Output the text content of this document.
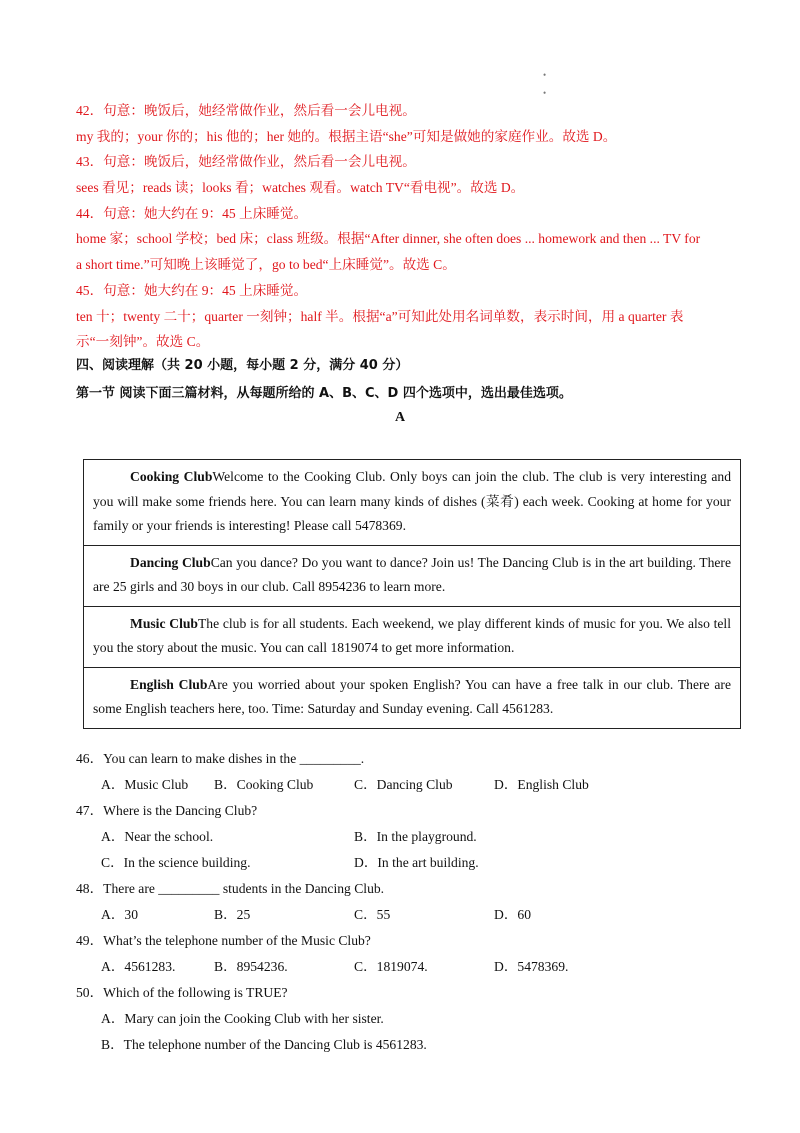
•
•

42．句意：晚饭后，她经常做作业，然后看一会儿电视。

my 我的；your 你的；his 他的；her 她的。根据主语“she”可知是做她的家庭作业。故选 D。

43．句意：晚饭后，她经常做作业，然后看一会儿电视。

sees 看见；reads 读；looks 看；watches 观看。watch TV“看电视”。故选 D。

44．句意：她大约在 9：45 上床睡觉。

home 家；school 学校；bed 床；class 班级。根据“After dinner, she often does ... homework and then ... TV for

a short time.”可知晚上该睡觉了，go to bed“上床睡觉”。故选 C。

45．句意：她大约在 9：45 上床睡觉。

ten 十；twenty 二十；quarter 一刻钟；half 半。根据“a”可知此处用名词单数，表示时间，用 a quarter 表

示“一刻钟”。故选 C。

四、阅读理解（共 20 小题，每小题 2 分，满分 40 分）
第一节 阅读下面三篇材料，从每题所给的 A、B、C、D 四个选项中，选出最佳选项。
A
Cooking ClubWelcome to the Cooking Club. Only boys can join the club. The club is very interesting and you will make some friends here. You can learn many kinds of dishes (菜肴) each week. Cooking at home for your family or your friends is interesting! Please call 5478369.
Dancing ClubCan you dance? Do you want to dance? Join us! The Dancing Club is in the art building. There are 25 girls and 30 boys in our club. Call 8954236 to learn more.
Music ClubThe club is for all students. Each weekend, we play different kinds of music for you. We also tell you the story about the music. You can call 1819074 to get more information.
English ClubAre you worried about your spoken English? You can have a free talk in our club. There are some English teachers here, too. Time: Saturday and Sunday evening. Call 4561283.
46．You can learn to make dishes in the _________.
A．Music Club B．Cooking Club	C．Dancing Club	D．English Club
47．Where is the Dancing Club?
A．Near the school.	B．In the playground.
C．In the science building.	D．In the art building.
48．There are _________ students in the Dancing Club.
A．30	B．25	C．55	D．60
49．What’s the telephone number of the Music Club?
A．4561283.	B．8954236.	C．1819074.	D．5478369.
50．Which of the following is TRUE?
A．Mary can join the Cooking Club with her sister.
B．The telephone number of the Dancing Club is 4561283.
